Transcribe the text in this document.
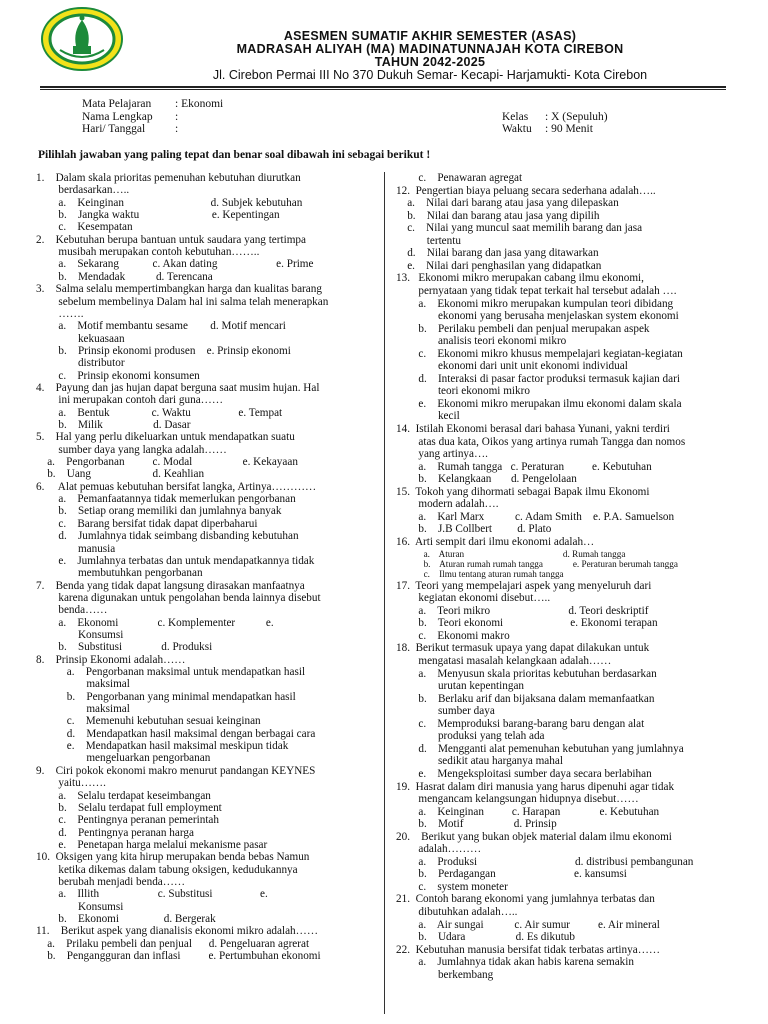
ASESMEN SUMATIF AKHIR SEMESTER (ASAS)
MADRASAH ALIYAH (MA) MADINATUNNAJAH KOTA CIREBON
TAHUN 2042-2025
Jl. Cirebon Permai III No 370 Dukuh Semar- Kecapi- Harjamukti- Kota Cirebon
Mata Pelajaran : Ekonomi
Nama Lengkap :
Hari/ Tanggal	:
Kelas : X (Sepuluh)
Waktu : 90 Menit
Pilihlah jawaban yang paling tepat dan benar soal dibawah ini sebagai berikut !
1.    Dalam skala prioritas pemenuhan kebutuhan diurutkan
berdasarkan…..
a.    Keinginan                               d. Subjek kebutuhan
b.    Jangka waktu                          e. Kepentingan
c.    Kesempatan
2.    Kebutuhan berupa bantuan untuk saudara yang tertimpa
musibah merupakan contoh kebutuhan……..
a.    Sekarang            c. Akan dating                     e. Prime
b.    Mendadak           d. Terencana
3.    Salma selalu mempertimbangkan harga dan kualitas barang
sebelum membelinya Dalam hal ini salma telah menerapkan
…….
a.    Motif membantu sesame        d. Motif mencari
kekuasaan
b.    Prinsip ekonomi produsen    e. Prinsip ekonomi
distributor
c.    Prinsip ekonomi konsumen
4.    Payung dan jas hujan dapat berguna saat musim hujan. Hal
ini merupakan contoh dari guna……
a.    Bentuk               c. Waktu                 e. Tempat
b.    Milik                  d. Dasar
5.    Hal yang perlu dikeluarkan untuk mendapatkan suatu
sumber daya yang langka adalah……
a.    Pengorbanan          c. Modal                  e. Kekayaan
b.    Uang                      d. Keahlian
6.     Alat pemuas kebutuhan bersifat langka, Artinya…………
a.    Pemanfaatannya tidak memerlukan pengorbanan
b.    Setiap orang memiliki dan jumlahnya banyak
c.    Barang bersifat tidak dapat diperbaharui
d.    Jumlahnya tidak seimbang disbanding kebutuhan
manusia
e.    Jumlahnya terbatas dan untuk mendapatkannya tidak
membutuhkan pengorbanan
7.    Benda yang tidak dapat langsung dirasakan manfaatnya
karena digunakan untuk pengolahan benda lainnya disebut
benda……
a.    Ekonomi              c. Komplementer           e.
Konsumsi
b.    Substitusi              d. Produksi
8.    Prinsip Ekonomi adalah……
a.    Pengorbanan maksimal untuk mendapatkan hasil
maksimal
b.    Pengorbanan yang minimal mendapatkan hasil
maksimal
c.    Memenuhi kebutuhan sesuai keinginan
d.    Mendapatkan hasil maksimal dengan berbagai cara
e.    Mendapatkan hasil maksimal meskipun tidak
mengeluarkan pengorbanan
9.    Ciri pokok ekonomi makro menurut pandangan KEYNES
yaitu…….
a.    Selalu terdapat keseimbangan
b.    Selalu terdapat full employment
c.    Pentingnya peranan pemerintah
d.    Pentingnya peranan harga
e.    Penetapan harga melalui mekanisme pasar
10.  Oksigen yang kita hirup merupakan benda bebas Namun
ketika dikemas dalam tabung oksigen, kedudukannya
berubah menjadi benda……
a.    Illith                     c. Substitusi                 e.
Konsumsi
b.    Ekonomi                d. Bergerak
11.    Berikut aspek yang dianalisis ekonomi mikro adalah……
a.    Prilaku pembeli dan penjual      d. Pengeluaran agrerat
b.    Pengangguran dan inflasi          e. Pertumbuhan ekonomi
c.    Penawaran agregat
12.  Pengertian biaya peluang secara sederhana adalah…..
a.    Nilai dari barang atau jasa yang dilepaskan
b.    Nilai dan barang atau jasa yang dipilih
c.    Nilai yang muncul saat memilih barang dan jasa
tertentu
d.    Nilai barang dan jasa yang ditawarkan
e.    Nilai dari penghasilan yang didapatkan
13.   Ekonomi mikro merupakan cabang ilmu ekonomi,
pernyataan yang tidak tepat terkait hal tersebut adalah ….
a.    Ekonomi mikro merupakan kumpulan teori dibidang
ekonomi yang berusaha menjelaskan system ekonomi
b.    Perilaku pembeli dan penjual merupakan aspek
analisis teori ekonomi mikro
c.    Ekonomi mikro khusus mempelajari kegiatan-kegiatan
ekonomi dari unit unit ekonomi individual
d.    Interaksi di pasar factor produksi termasuk kajian dari
teori ekonomi mikro
e.    Ekonomi mikro merupakan ilmu ekonomi dalam skala
kecil
14.  Istilah Ekonomi berasal dari bahasa Yunani, yakni terdiri
atas dua kata, Oikos yang artinya rumah Tangga dan nomos
yang artinya….
a.    Rumah tangga   c. Peraturan          e. Kebutuhan
b.    Kelangkaan       d. Pengelolaan
15.  Tokoh yang dihormati sebagai Bapak ilmu Ekonomi
modern adalah….
a.    Karl Marx           c. Adam Smith    e. P.A. Samuelson
b.    J.B Collbert         d. Plato
16.  Arti sempit dari ilmu ekonomi adalah…
a.    Aturan                                           d. Rumah tangga
b.    Aturan rumah rumah tangga             e. Peraturan berumah tangga
c.    Ilmu tentang aturan rumah tangga
17.  Teori yang mempelajari aspek yang menyeluruh dari
kegiatan ekonomi disebut…..
a.    Teori mikro                            d. Teori deskriptif
b.    Teori ekonomi                        e. Ekonomi terapan
c.    Ekonomi makro
18.  Berikut termasuk upaya yang dapat dilakukan untuk
mengatasi masalah kelangkaan adalah……
a.    Menyusun skala prioritas kebutuhan berdasarkan
urutan kepentingan
b.    Berlaku arif dan bijaksana dalam memanfaatkan
sumber daya
c.    Memproduksi barang-barang baru dengan alat
produksi yang telah ada
d.    Mengganti alat pemenuhan kebutuhan yang jumlahnya
sedikit atau harganya mahal
e.    Mengeksploitasi sumber daya secara berlabihan
19.  Hasrat dalam diri manusia yang harus dipenuhi agar tidak
mengancam kelangsungan hidupnya disebut……
a.    Keinginan          c. Harapan              e. Kebutuhan
b.    Motif                  d. Prinsip
20.    Berikut yang bukan objek material dalam ilmu ekonomi
adalah………
a.    Produksi                                   d. distribusi pembangunan
b.    Perdagangan                            e. kansumsi
c.    system moneter
21.  Contoh barang ekonomi yang jumlahnya terbatas dan
dibutuhkan adalah…..
a.    Air sungai           c. Air sumur          e. Air mineral
b.    Udara                  d. Es dikutub
22.  Kebutuhan manusia bersifat tidak terbatas artinya……
a.    Jumlahnya tidak akan habis karena semakin
berkembang
